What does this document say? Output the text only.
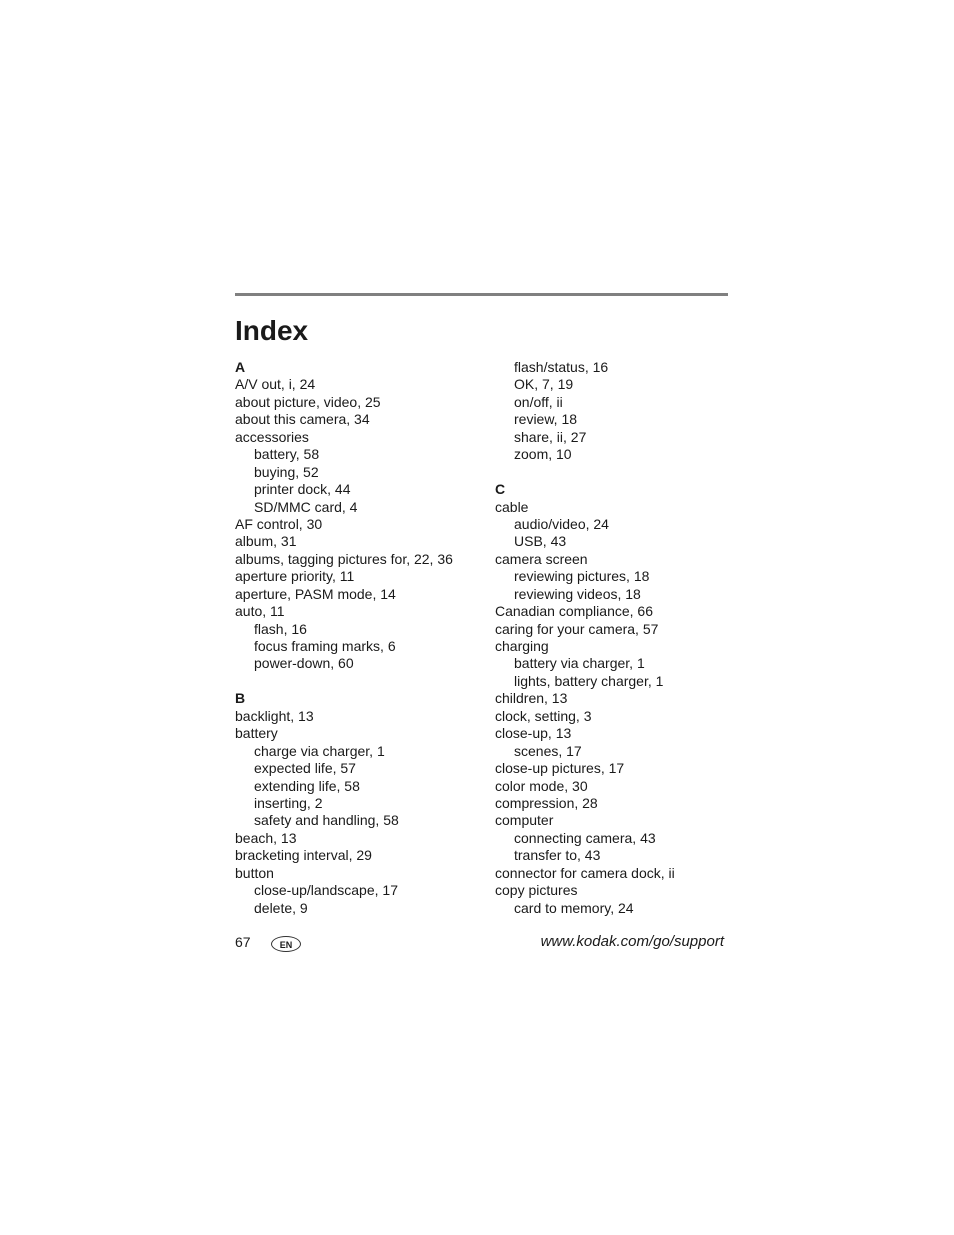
Index
A
A/V out, i, 24
about picture, video, 25
about this camera, 34
accessories
battery, 58
buying, 52
printer dock, 44
SD/MMC card, 4
AF control, 30
album, 31
albums, tagging pictures for, 22, 36
aperture priority, 11
aperture, PASM mode, 14
auto, 11
flash, 16
focus framing marks, 6
power-down, 60
B
backlight, 13
battery
charge via charger, 1
expected life, 57
extending life, 58
inserting, 2
safety and handling, 58
beach, 13
bracketing interval, 29
button
close-up/landscape, 17
delete, 9
flash/status, 16
OK, 7, 19
on/off, ii
review, 18
share, ii, 27
zoom, 10
C
cable
audio/video, 24
USB, 43
camera screen
reviewing pictures, 18
reviewing videos, 18
Canadian compliance, 66
caring for your camera, 57
charging
battery via charger, 1
lights, battery charger, 1
children, 13
clock, setting, 3
close-up, 13
scenes, 17
close-up pictures, 17
color mode, 30
compression, 28
computer
connecting camera, 43
transfer to, 43
connector for camera dock, ii
copy pictures
card to memory, 24
67	EN	www.kodak.com/go/support
